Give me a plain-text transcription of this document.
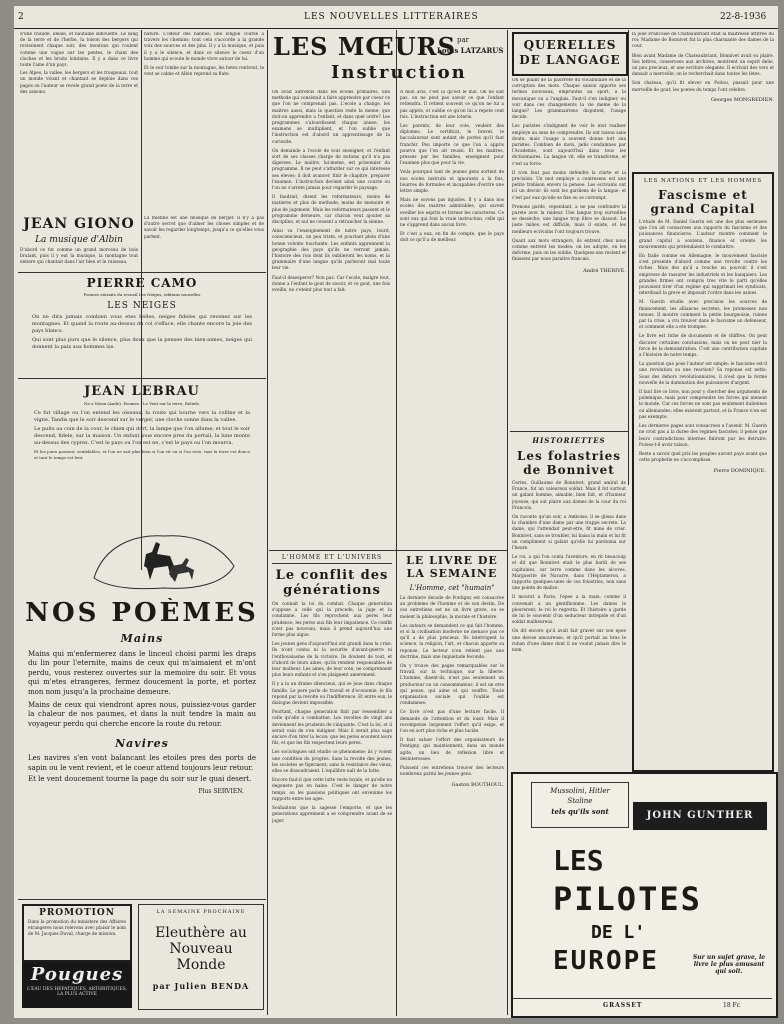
2	LES NOUVELLES LITTERAIRES	22-8-1936
d'une chaude, ideale, et hautaine silhouette. Le sang de la terre et de l'herbe, la toison des bergers qui reviennent chaque soir, des moutons qui roulent comme une vague sur les pentes, le chant des cloches et les bruits lointains. Il y a dans ce livre toute l'ame d'un pays.
Les Alpes, la vallee, les bergers et les troupeaux, tout un monde vivant et chantant se deploie dans ces pages ou l'auteur se revele grand poete de la terre et des saisons.
nature. L'odeur des bannes; une longue course a travers les chemins; tout cela s'accorde a la grande voix des sources et des pins. Il y a la musique, et puis il y a le silence, et dans ce silence le coeur d'un homme qui ecoute le monde vivre autour de lui.
Et le soir tombe sur la montagne, les betes rentrent, le vent se calme et Albin reprend sa flute.
JEAN GIONO
La musique d'Albin
D'abord ce fut comme un grand morceau de bois brulant, puis il y eut la musique, la montagne tout entiere qui chantait dans l'air bleu et le ruisseau.
La mienne est une musique de berger. Il n'y a pas d'autre secret que d'aimer les choses simples et de savoir les regarder longtemps, jusqu'a ce qu'elles vous parlent.
PIERRE CAMO
Poemes extraits du recueil Les Neiges, editions nouvelles
LES NEIGES
On ne dira jamais combien vous etes belles, neiges fideles qui revenez sur les montagnes. Et quand la route au-dessus du col s'efface, elle chante encore la joie des pays blancs.
Qui sont plus purs que le silence, plus doux que la pensee des bien-aimes, neiges qui donnent la paix aux hommes las.
JEAN LEBRAU
Ne a Moux (Aude). Poemes : Le Vent sur la terre, Reliefs.
Ce fut village ou l'on entend les oiseaux, la route qui tourne vers la colline et la vigne. Tandis que le soir descend sur le verger, une cloche sonne dans la vallee.
Le puits au coin de la cour, le chien qui dort, la lampe que l'on allume; et tout le soir descend, fidele, sur la maison. Un enfant joue encore pres du portail; la lune monte au-dessus des cypres. C'est le pays ou l'on est ne, c'est le pays ou l'on mourra.
Et les jours passent, semblables, et l'on ne sait plus bien si l'on vit ou si l'on reve, tant la terre est douce et tant le temps est lent.
NOS POÈMES
Mains
Mains qui m'enfermerez dans le linceul choisi parmi les draps du lin pour l'eternite, mains de ceux qui m'aimaient et m'ont perdu, vous resterez ouvertes sur la memoire du soir. Et vous qui m'etes etrangeres, fermez doucement la porte, et portez mon nom jusqu'a la prochaine demeure.
Mains de ceux qui viendront apres nous, puissiez-vous garder la chaleur de nos paumes, et dans la nuit tendre la main au voyageur perdu qui cherche encore la route du retour.
Navires
Les navires s'en vont balancant les etoiles pres des ports de sapin ou le vent revient, et le coeur attend toujours leur retour.
Et le vent doucement tourne la page du soir sur le quai desert.
Plus SERVIEN.
PROMOTION
Dans la promotion du ministere des Affaires etrangeres nous relevons avec plaisir le nom de M. Jacques Duval, charge de mission.
Pougues
L'EAU DES HEPATIQUES, ARTHRITIQUES, LA PLUS ACTIVE
LA SEMAINE PROCHAINE
Eleuthère au Nouveau Monde
par Julien BENDA
LES MŒURS par
Louis LATZARUS
Instruction
On avait autrefois dans les ecoles primaires, une methode qui consistait a faire apprendre par coeur ce que l'on ne comprenait pas. L'ecole a change, les maitres aussi, mais la question reste la meme: que doit-on apprendre a l'enfant, et dans quel ordre? Les programmes s'alourdissent chaque annee, les examens se multiplient, et l'on oublie que l'instruction est d'abord un apprentissage de la curiosite.
On demande a l'ecole de tout enseigner, et l'enfant sort de ses classes charge de notions qu'il n'a pas digerees. Le maitre, lui-meme, est prisonnier du programme. Il ne peut s'attarder sur ce qui interesse ses eleves; il doit avancer, finir le chapitre, preparer l'examen. L'instruction devient ainsi une course ou l'on ne s'arrete jamais pour regarder le paysage.
Il faudrait, disent les reformateurs, moins de matieres et plus de methode; moins de memoire et plus de jugement. Mais les reformateurs passent et le programme demeure, car chacun veut ajouter sa discipline, et nul ne consent a retrancher la sienne.
Ainsi va l'enseignement de notre pays, lourd, consciencieux, un peu triste, et pourtant plein d'une bonne volonte touchante. Les enfants apprennent la geographie des pays qu'ils ne verront jamais, l'histoire des rois dont ils oublieront les noms, et la grammaire d'une langue qu'ils parleront mal toute leur vie.
Faut-il desesperer? Non pas. Car l'ecole, malgre tout, donne a l'enfant le gout de savoir, et ce gout, une fois eveille, ne s'eteint plus tout a fait.
A mon avis, c'est la qu'est le mal. On ne sait pas, on ne peut pas savoir ce que l'enfant retiendra. Il retient souvent ce qu'on ne lui a pas appris, et oublie ce qu'on lui a repete cent fois. L'instruction est une loterie.
Les parents, de leur cote, veulent des diplomes. Le certificat, le brevet, le baccalaureat sont autant de portes qu'il faut franchir. Peu importe ce que l'on a appris pourvu que l'on ait reussi. Et les maitres, presses par les familles, enseignent pour l'examen plus que pour la vie.
Voila pourquoi tant de jeunes gens sortent de nos ecoles instruits et ignorants a la fois, bourres de formules et incapables d'ecrire une lettre simple.
Mais ne soyons pas injustes. Il y a dans nos ecoles des maitres admirables, qui savent eveiller les esprits et former les caracteres. Ce sont eux qui font la vraie instruction, celle qui ne s'apprend dans aucun livre.
Et c'est a eux, en fin de compte, que le pays doit ce qu'il a de meilleur.
QUERELLES DE LANGAGE
On se plaint de la pauvrete du vocabulaire et de la corruption des mots. Chaque saison apporte ses termes nouveaux, empruntes au sport, a la mecanique ou a l'anglais. Faut-il s'en indigner, ou voir dans ces changements la vie meme de la langue? Les grammairiens disputent, l'usage decide.
Les puristes s'indignent de voir le mot realiser employe au sens de comprendre. Ils ont raison sans doute, mais l'usage a souvent donne tort aux puristes. Combien de mots, jadis condamnes par l'Academie, sont aujourd'hui dans tous les dictionnaires. La langue vit, elle se transforme, et c'est sa force.
Il n'en faut pas moins defendre la clarte et la precision. Un mot employe a contresens est une petite trahison envers la pensee. Les ecrivains ont ici un devoir: ils sont les gardiens de la langue, et c'est par eux qu'elle se fixe ou se corrompt.
Prenons garde, cependant, a ne pas confondre la purete avec la raideur. Une langue trop surveillee se dessèche; une langue trop libre se dissout. Le juste milieu est difficile, mais il existe, et les meilleurs ecrivains l'ont toujours trouve.
Quant aux mots etrangers, ils entrent chez nous comme entrent les modes: on les adopte, on les deforme, puis on les oublie. Quelques-uns restent et finissent par nous paraitre francais.
André THERIVE.
HISTORIETTES
Les folastries de Bonnivet
Certes, Guillaume de Bonnivet, grand amiral de France, fut un valeureux soldat. Mais il fut surtout un galant homme, aimable, bien fait, et d'humeur joyeuse, qui sut plaire aux dames de la cour du roi Francois.
On raconte qu'un soir, a Amboise, il se glissa dans la chambre d'une dame par une trappe secrete. La dame, qui l'attendait peut-etre, fit mine de crier. Bonnivet, sans se troubler, lui baisa la main et lui fit un compliment si galant qu'elle lui pardonna sur l'heure.
Le roi, a qui l'on conta l'aventure, en rit beaucoup et dit que Bonnivet etait le plus hardi de ses capitaines, sur terre comme dans les alcoves. Marguerite de Navarre, dans l'Heptameron, a rapporte quelques-unes de ces folastries, non sans une pointe de malice.
Il mourut a Pavie, l'epee a la main, comme il convenait a un gentilhomme. Les dames le pleurerent; le roi le regretta. Et l'histoire a garde de lui le souvenir d'un seducteur intrepide et d'un soldat malheureux.
On dit encore qu'il avait fait graver sur son epee une devise amoureuse, et qu'il portait au bras le ruban d'une dame dont il ne voulut jamais dire le nom.
la jolie Francoise de Chateaubriant etait la maitresse attitree du roi; Madame de Bonnivet fut la plus charmante des dames de la cour.
Bien avant Madame de Chateaubriant, Bonnivet avait su plaire. Ses lettres, conservees aux archives, montrent un esprit delie, un peu precieux, et une ecriture elegante. Il ecrivait des vers et dansait a merveille; on le recherchait dans toutes les fetes.
Son chateau, qu'il fit elever en Poitou, passait pour une merveille de gout; les poetes du temps l'ont celebre.
Georges MONGREDIEN.
LES NATIONS ET LES HOMMES
Fascisme et grand Capital
L'etude de M. Daniel Guerin est une des plus serieuses que l'on ait consacrees aux rapports du fascisme et des puissances financieres. L'auteur montre comment le grand capital a soutenu, finance et oriente les mouvements qui pretendaient le combattre.
En Italie comme en Allemagne, le mouvement fasciste s'est presente d'abord comme une revolte contre les riches. Mais des qu'il a touche au pouvoir, il s'est empresse de rassurer les industriels et les banquiers. Les grandes firmes ont compris tres vite le parti qu'elles pouvaient tirer d'un regime qui supprimait les syndicats, interdisait la greve et imposait l'ordre dans les usines.
M. Guerin etudie avec precision les sources de financement, les alliances secretes, les promesses non tenues. Il montre comment la petite bourgeoisie, ruinee par la crise, a cru trouver dans le fascisme un defenseur, et comment elle a ete trompee.
Le livre est riche de documents et de chiffres. On peut discuter certaines conclusions, mais on ne peut nier la force de la demonstration. C'est une contribution capitale a l'histoire de notre temps.
La question que pose l'auteur est simple: le fascisme est-il une revolution ou une reaction? Sa reponse est nette. Sous des dehors revolutionnaires, il n'est que la forme nouvelle de la domination des puissances d'argent.
Il faut lire ce livre, non pour y chercher des arguments de polemique, mais pour comprendre les forces qui menent le monde. Car ces forces ne sont pas seulement italiennes ou allemandes; elles existent partout, et la France n'en est pas exempte.
Les dernieres pages sont consacrees a l'avenir. M. Guerin ne croit pas a la duree des regimes fascistes; il pense que leurs contradictions internes finiront par les detruire. Puisse-t-il avoir raison.
Reste a savoir quel prix les peuples auront paye avant que cette prophetie ne s'accomplisse.
Pierre DOMINIQUE.
L'HOMME ET L'UNIVERS
Le conflit des générations
On connait la loi du combat. Chaque generation s'oppose a celle qui la precede, la juge et la condamne. Les fils reprochent aux peres leur prudence, les peres aux fils leur impatience. Ce conflit n'est pas nouveau, mais il prend aujourd'hui une forme plus aigue.
Les jeunes gens d'aujourd'hui ont grandi dans la crise. Ils n'ont connu ni la securite d'avant-guerre ni l'enthousiasme de la victoire. Ils doutent de tout, et d'abord de leurs aines, qu'ils rendent responsables de leur malheur. Les aines, de leur cote, ne comprennent plus leurs enfants et s'en plaignent amerement.
Il y a la un drame silencieux, qui se joue dans chaque famille. Le pere parle de travail et d'economie; le fils repond par la revolte ou l'indifference. Et entre eux, le dialogue devient impossible.
Pourtant, chaque generation finit par ressembler a celle qu'elle a combattue. Les revoltes de vingt ans deviennent les prudents de cinquante. C'est la loi, et il serait vain de s'en indigner. Mais il serait plus sage encore d'en tirer la lecon: que les peres ecoutent leurs fils, et que les fils respectent leurs peres.
Les sociologues ont etudie ce phenomene; ils y voient une condition du progres. Sans la revolte des jeunes, les societes se figeraient; sans la resistance des vieux, elles se dissoudraient. L'equilibre naît de la lutte.
Encore faut-il que cette lutte reste loyale, et qu'elle ne degenere pas en haine. C'est le danger de notre temps, ou les passions politiques ont envenime les rapports entre les ages.
Souhaitons que la sagesse l'emporte, et que les generations apprennent a se comprendre avant de se juger.
LE LIVRE DE LA SEMAINE
L'Homme, cet "humain"
La derniere decade de Pontigny est consacree au probleme de l'homme et de son destin. De ces entretiens est ne un livre grave, ou se melent la philosophie, la morale et l'histoire.
Les auteurs se demandent ce qui fait l'homme, et si la civilisation moderne ne menace pas ce qu'il a de plus precieux. Ils interrogent la science, la religion, l'art, et chacun apporte sa reponse. Le lecteur n'en retient pas une doctrine, mais une inquietude feconde.
On y trouve des pages remarquables sur le travail, sur la technique, sur la liberte. L'homme, disent-ils, n'est pas seulement un producteur ou un consommateur; il est un etre qui pense, qui aime et qui souffre. Toute organisation sociale qui l'oublie est condamnee.
Ce livre n'est pas d'une lecture facile. Il demande de l'attention et du loisir. Mais il recompense largement l'effort qu'il exige, et l'on en sort plus riche et plus lucide.
Il faut saluer l'effort des organisateurs de Pontigny, qui maintiennent, dans un monde agite, un lieu de reflexion libre et desinteressee.
Puissent ces entretiens trouver des lecteurs nombreux parmi les jeunes gens.
Gaston BOUTHOUL.
Mussolini, Hitler
Staline
tels qu'ils sont	JOHN GUNTHER
LES
PILOTES
DE L'
EUROPE	Sur un sujet grave, le livre le plus amusant qui soit.
GRASSET	18 Fr.
